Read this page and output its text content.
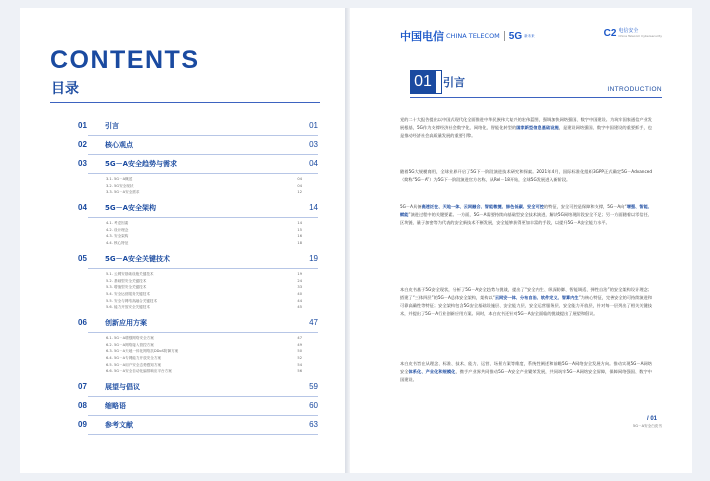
CONTENTS
目录
01	引言	01
02	核心观点	03
03	5G－A安全趋势与需求	04
3.1. 5G－A概述	04
3.2. 5G安全现状	04
3.3. 5G－A安全需求	12
04	5G－A安全架构	14
4.1. 考虑因素	14
4.2. 设计理念	15
4.3. 安全架构	16
4.4. 核心特征	18
05	5G－A安全关键技术	19
5.1. 云网安基础设施关键技术	19
5.2. 基础型安全关键技术	24
5.3. 增值型安全关键技术	33
5.4. 安全运营服务关键技术	40
5.5. 安全与网络高融合关键技术	44
5.6. 能力开放安全关键技术	45
06	创新应用方案	47
6.1. 5G－A增强网络安全方案	47
6.2. 5G－A网络接入管控方案	49
6.3. 5G－A天地一体化网络抗DDoS防御方案	50
6.4. 5G－A专网能力开放安全方案	52
6.5. 5G－A用户安全态势感知方案	54
6.6. 5G－A安全自动化编排响应平台方案	56
07	展望与倡议	59
08	缩略语	60
09	参考文献	63
中国电信 CHINA TELECOM 5G 新未来	C2 电信安全
China Telecom Cybersecurity
01	引言
INTRODUCTION
党的二十大报告提出以中国式现代化全面推进中华民族伟大复兴的宏伟蓝图，强调加快网络强国、数字中国建设。为筑牢国家通信产业发展根基，5G作为支撑经济社会数字化、网络化、智能化转型的国家新型信息基础设施，是建设网络强国、数字中国建设的重要抓手，也是推动经济社会高质量发展的重要引擎。
随着5G大规模商用，全球业界开启了5G下一阶段演进技术研究和探索。2021年4月，国际标准化组织3GPP正式确定5G－Advanced（简称“5G－A”）为5G下一阶段演进官方名称，从Rel－18开始，全球5G发展进入新阶段。
5G－A具备高速泛在、天地一体、云网融合、智能敏捷、绿色低碳、安全可控的特征，安全可控是保障和支撑，5G－A向“增强、智能、赋能”演进过程中的关键要素。一方面，5G－A需要持续向基础型安全技术演进，解决5G网络现阶段安全不足；另一方面随着以零信任、区块链、量子加密等为代表的安全新技术不断发展，安全能够获得更加丰富的手段，以提升5G－A安全能力水平。
本白皮书基于5G安全现状，分析了5G－A安全趋势与挑战，提出了“安全内生、纵深防御、智能调适、弹性自治”的安全架构设计理念；搭建了“三体四层”的5G－A总体安全架构，架构以“云网安一体、分布自治、软件定义、智算内生”为核心特征，完善安全的可持续演进和可靠高确性等特征；安全架构包含5G安全基础设施层、安全能力层、安全运营服务层、安全能力开放层，针对每一层列出了相关关键技术，并提出了5G－A行业创新应用方案。同时，本白皮书还针对5G－A安全面临的挑战提出了展望和倡议。
本白皮书旨在从理念、标准、技术、能力、运营、场景方案等维度，系统性阐述和前瞻5G－A网络安全发展方向。推动实现5G－A网络安全体系化、产业化和规模化，携手产业界共同推动5G－A安全产业繁荣发展，共同筑牢5G－A网络安全屏障，保障网络强国、数字中国建设。
/ 01
5G－A安全白皮书
